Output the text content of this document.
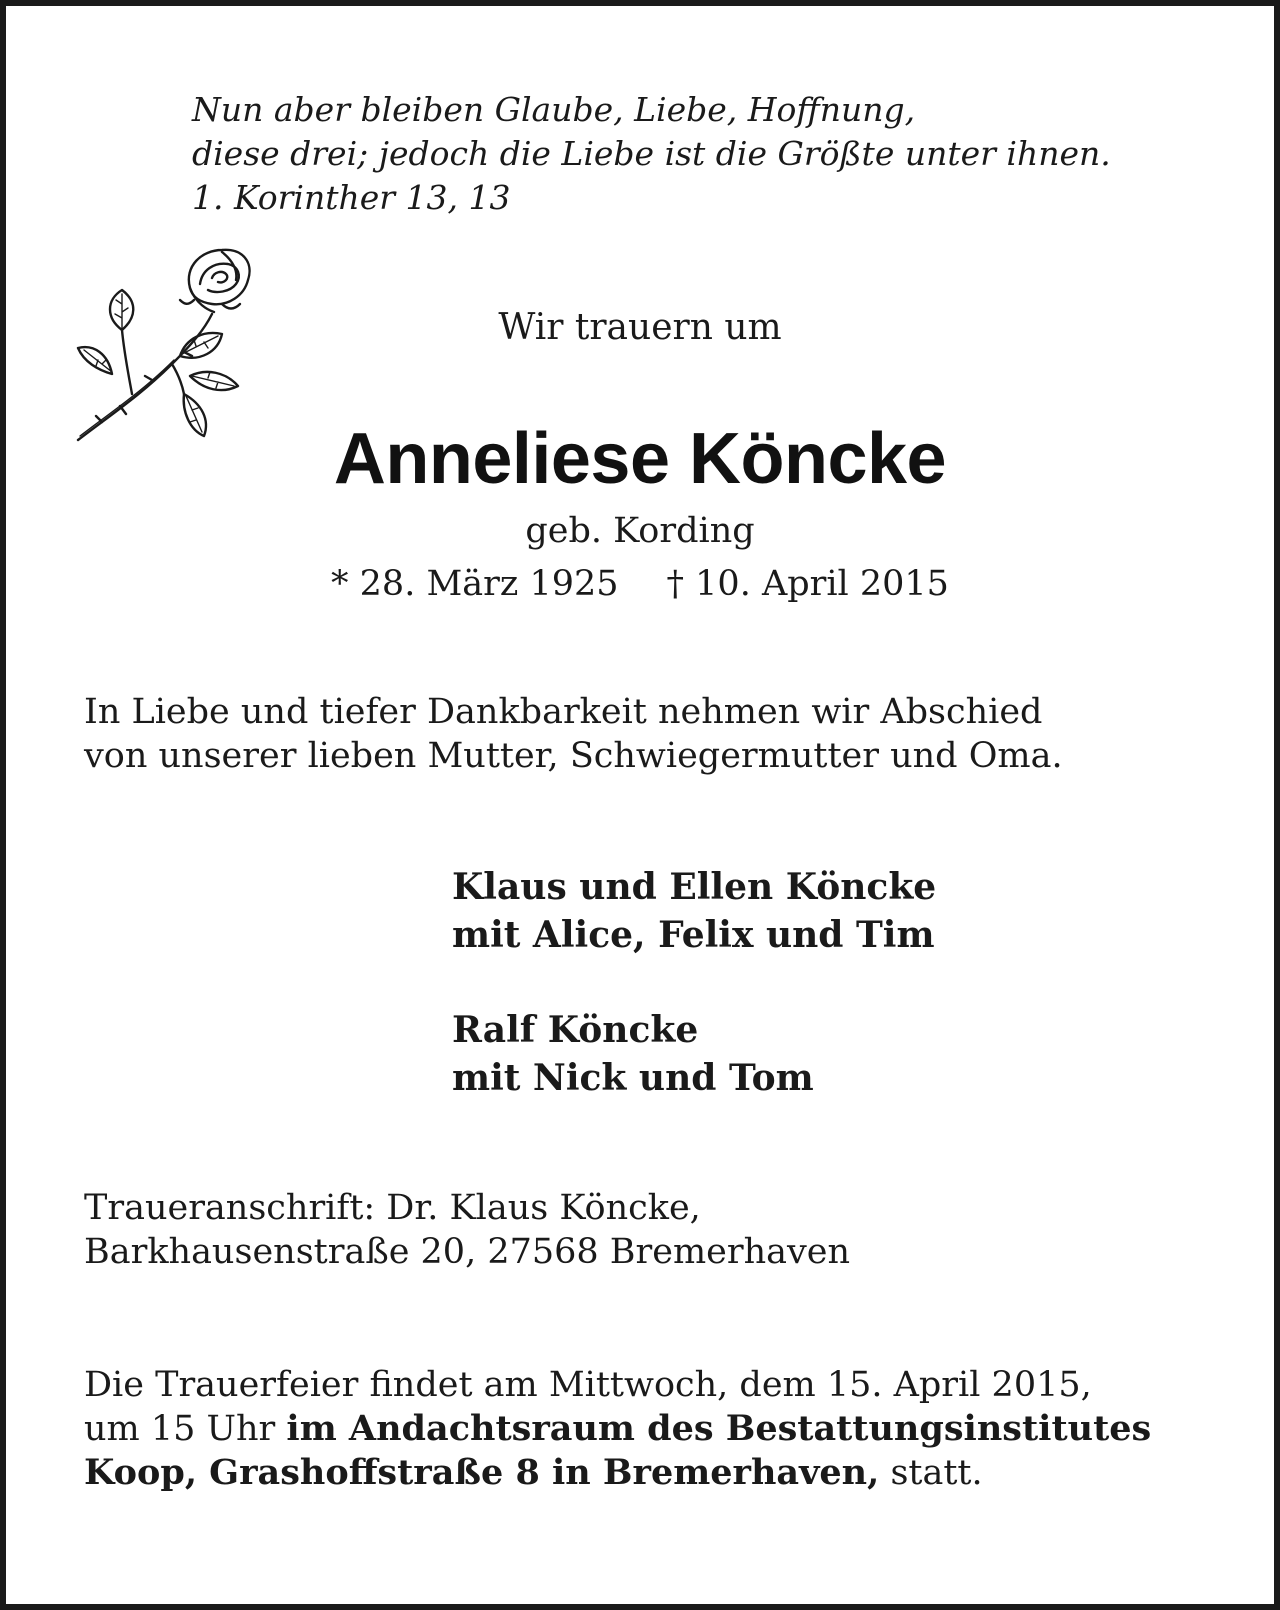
Nun aber bleiben Glaube, Liebe, Hoffnung,
diese drei; jedoch die Liebe ist die Größte unter ihnen.
1. Korinther 13, 13
Wir trauern um
Anneliese Köncke
geb. Kording
* 28. März 1925 † 10. April 2015
In Liebe und tiefer Dankbarkeit nehmen wir Abschied
von unserer lieben Mutter, Schwiegermutter und Oma.
Klaus und Ellen Köncke
mit Alice, Felix und Tim
Ralf Köncke
mit Nick und Tom
Traueranschrift: Dr. Klaus Köncke,
Barkhausenstraße 20, 27568 Bremerhaven
Die Trauerfeier findet am Mittwoch, dem 15. April 2015,
um 15 Uhr im Andachtsraum des Bestattungsinstitutes
Koop, Grashoffstraße 8 in Bremerhaven, statt.
